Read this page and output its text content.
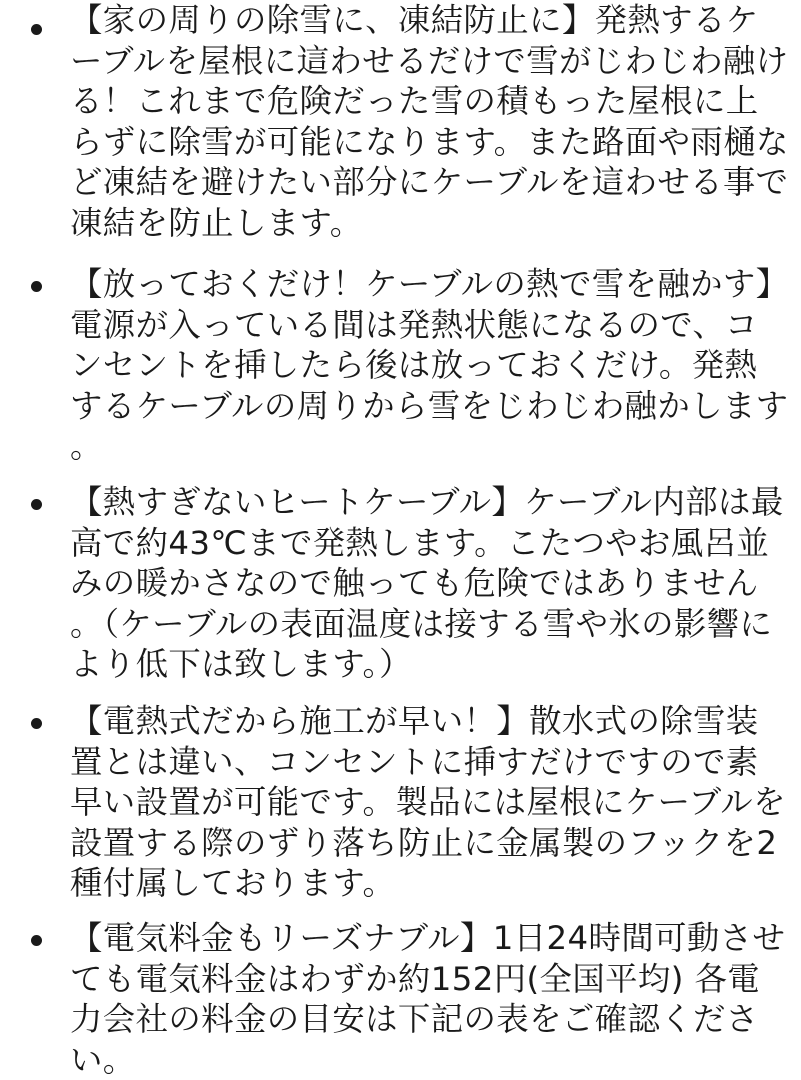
【家の周りの除雪に、凍結防止に】発熱するケーブルを屋根に這わせるだけで雪がじわじわ融ける！これまで危険だった雪の積もった屋根に上らずに除雪が可能になります。また路面や雨樋など凍結を避けたい部分にケーブルを這わせる事で凍結を防止します。
【放っておくだけ！ケーブルの熱で雪を融かす】電源が入っている間は発熱状態になるので、コンセントを挿したら後は放っておくだけ。発熱するケーブルの周りから雪をじわじわ融かします。
【熱すぎないヒートケーブル】ケーブル内部は最高で約43℃まで発熱します。こたつやお風呂並みの暖かさなので触っても危険ではありません。（ケーブルの表面温度は接する雪や氷の影響により低下は致します。）
【電熱式だから施工が早い！】散水式の除雪装置とは違い、コンセントに挿すだけですので素早い設置が可能です。製品には屋根にケーブルを設置する際のずり落ち防止に金属製のフックを2種付属しております。
【電気料金もリーズナブル】1日24時間可動させても電気料金はわずか約152円(全国平均) 各電力会社の料金の目安は下記の表をご確認ください。
